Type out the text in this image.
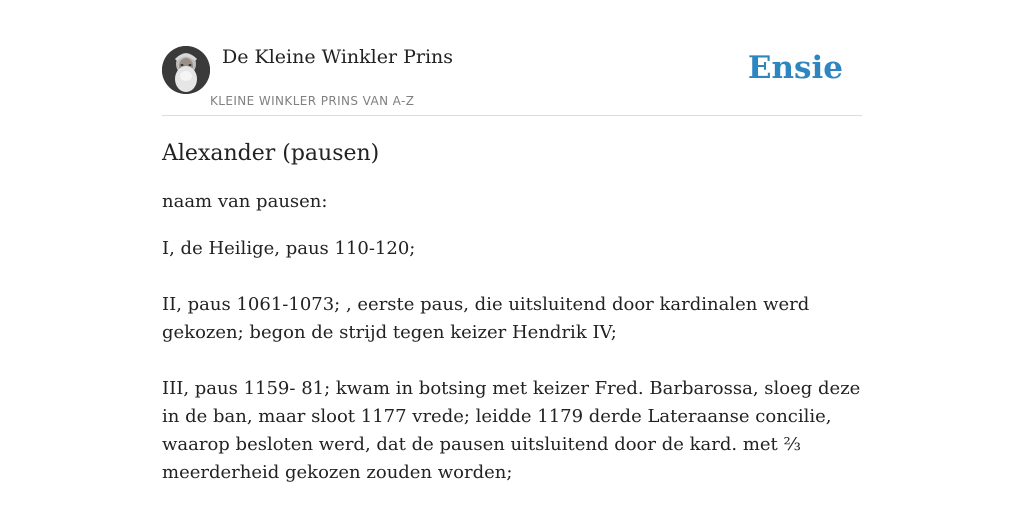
De Kleine Winkler Prins
KLEINE WINKLER PRINS VAN A-Z
Ensie
Alexander (pausen)

naam van pausen:

I, de Heilige, paus 110-120;

II, paus 1061-1073; , eerste paus, die uitsluitend door kardinalen werd gekozen; begon de strijd tegen keizer Hendrik IV;

III, paus 1159- 81; kwam in botsing met keizer Fred. Barbarossa, sloeg deze in de ban, maar sloot 1177 vrede; leidde 1179 derde Lateraanse concilie, waarop besloten werd, dat de pausen uitsluitend door de kard. met ⅔ meerderheid gekozen zouden worden;
